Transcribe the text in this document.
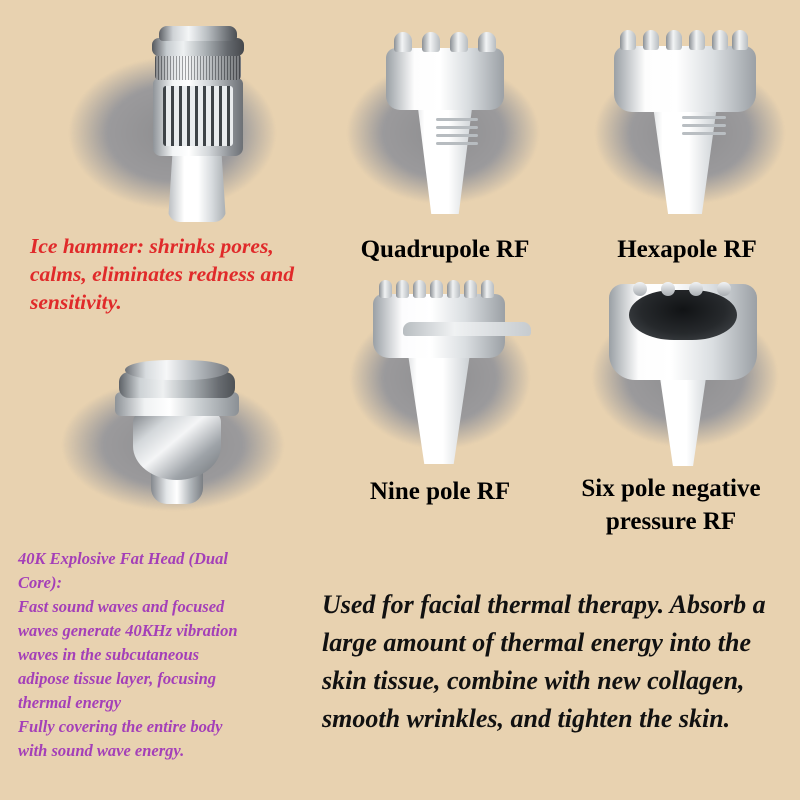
Ice hammer: shrinks pores, calms, eliminates redness and sensitivity.
Quadrupole RF	Hexapole RF
Nine pole RF	Six pole negative pressure RF
40K Explosive Fat Head (Dual
Core):
Fast sound waves and focused
waves generate 40KHz vibration
waves in the subcutaneous
adipose tissue layer, focusing
thermal energy
Fully covering the entire body
with sound wave energy.
Used for facial thermal therapy. Absorb a large amount of thermal energy into the skin tissue, combine with new collagen, smooth wrinkles, and tighten the skin.
